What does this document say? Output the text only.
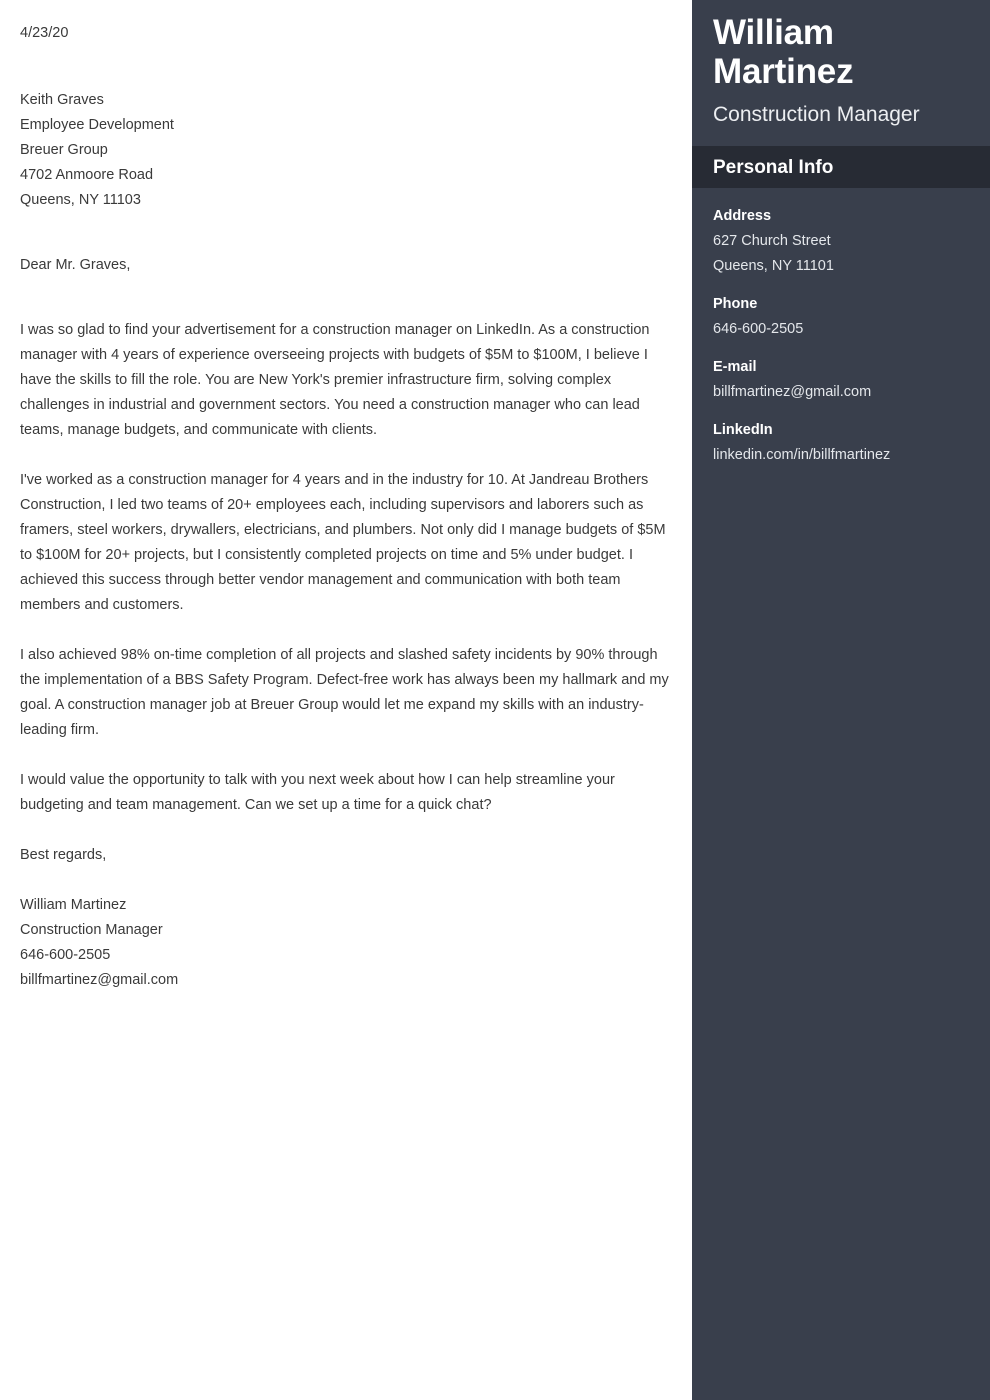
4/23/20
Keith Graves
Employee Development
Breuer Group
4702 Anmoore Road
Queens, NY 11103
Dear Mr. Graves,

I was so glad to find your advertisement for a construction manager on LinkedIn. As a construction manager with 4 years of experience overseeing projects with budgets of $5M to $100M, I believe I have the skills to fill the role. You are New York's premier infrastructure firm, solving complex challenges in industrial and government sectors. You need a construction manager who can lead teams, manage budgets, and communicate with clients.

I've worked as a construction manager for 4 years and in the industry for 10. At Jandreau Brothers Construction, I led two teams of 20+ employees each, including supervisors and laborers such as framers, steel workers, drywallers, electricians, and plumbers. Not only did I manage budgets of $5M to $100M for 20+ projects, but I consistently completed projects on time and 5% under budget. I achieved this success through better vendor management and communication with both team members and customers.

I also achieved 98% on-time completion of all projects and slashed safety incidents by 90% through the implementation of a BBS Safety Program. Defect-free work has always been my hallmark and my goal. A construction manager job at Breuer Group would let me expand my skills with an industry-leading firm.

I would value the opportunity to talk with you next week about how I can help streamline your budgeting and team management. Can we set up a time for a quick chat?

Best regards,
William Martinez
Construction Manager
646-600-2505
billfmartinez@gmail.com
William Martinez
Construction Manager
Personal Info
Address
627 Church Street
Queens, NY 11101
Phone
646-600-2505
E-mail
billfmartinez@gmail.com
LinkedIn
linkedin.com/in/billfmartinez
